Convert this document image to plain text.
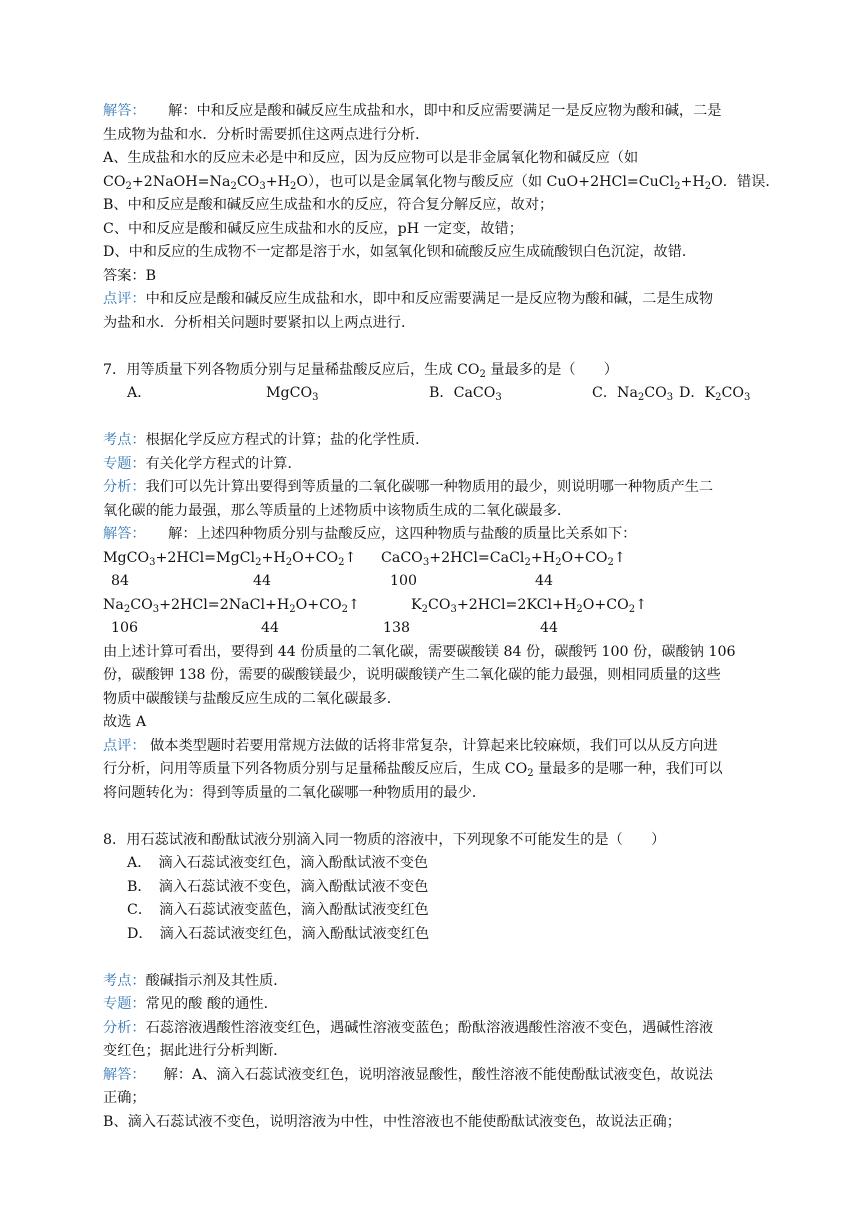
解答： 解：中和反应是酸和碱反应生成盐和水，即中和反应需要满足一是反应物为酸和碱，二是
生成物为盐和水．分析时需要抓住这两点进行分析．
A、生成盐和水的反应未必是中和反应，因为反应物可以是非金属氧化物和碱反应（如
$CO_2+2NaOH=Na_2CO_3+H_2O$），也可以是金属氧化物与酸反应（如 $CuO+2HCl=CuCl_2+H_2O$．错误．
B、中和反应是酸和碱反应生成盐和水的反应，符合复分解反应，故对；
C、中和反应是酸和碱反应生成盐和水的反应，pH 一定变，故错；
D、中和反应的生成物不一定都是溶于水，如氢氧化钡和硫酸反应生成硫酸钡白色沉淀，故错．
答案：B
点评：中和反应是酸和碱反应生成盐和水，即中和反应需要满足一是反应物为酸和碱，二是生成物
为盐和水．分析相关问题时要紧扣以上两点进行．
7．用等质量下列各物质分别与足量稀盐酸反应后，生成 $CO_2$ 量最多的是（　　）
A．	MgCO$_3$	B．CaCO$_3$	C．$Na_2CO_3$ D．$K_2CO_3$
考点：根据化学反应方程式的计算；盐的化学性质．
专题：有关化学方程式的计算．
分析：我们可以先计算出要得到等质量的二氧化碳哪一种物质用的最少，则说明哪一种物质产生二
氧化碳的能力最强，那么等质量的上述物质中该物质生成的二氧化碳最多．
解答： 解：上述四种物质分别与盐酸反应，这四种物质与盐酸的质量比关系如下：
$MgCO_3+2HCl=MgCl_2+H_2O+CO_2↑$ $CaCO_3+2HCl=CaCl_2+H_2O+CO_2↑$
84	44	100	44
$Na_2CO_3+2HCl=2NaCl+H_2O+CO_2↑$	$K_2CO_3+2HCl=2KCl+H_2O+CO_2↑$
106	44	138	44
由上述计算可看出，要得到 44 份质量的二氧化碳，需要碳酸镁 84 份，碳酸钙 100 份，碳酸钠 106
份，碳酸钾 138 份，需要的碳酸镁最少，说明碳酸镁产生二氧化碳的能力最强，则相同质量的这些
物质中碳酸镁与盐酸反应生成的二氧化碳最多．
故选 A
点评： 做本类型题时若要用常规方法做的话将非常复杂，计算起来比较麻烦，我们可以从反方向进
行分析，问用等质量下列各物质分别与足量稀盐酸反应后，生成 $CO_2$ 量最多的是哪一种，我们可以
将问题转化为：得到等质量的二氧化碳哪一种物质用的最少．
8．用石蕊试液和酚酞试液分别滴入同一物质的溶液中，下列现象不可能发生的是（　　）
A．　滴入石蕊试液变红色，滴入酚酞试液不变色
B．　滴入石蕊试液不变色，滴入酚酞试液不变色
C．　滴入石蕊试液变蓝色，滴入酚酞试液变红色
D．　滴入石蕊试液变红色，滴入酚酞试液变红色
考点：酸碱指示剂及其性质．
专题：常见的酸 酸的通性．
分析：石蕊溶液遇酸性溶液变红色，遇碱性溶液变蓝色；酚酞溶液遇酸性溶液不变色，遇碱性溶液
变红色；据此进行分析判断．
解答： 解：A、滴入石蕊试液变红色，说明溶液显酸性，酸性溶液不能使酚酞试液变色，故说法
正确；
B、滴入石蕊试液不变色，说明溶液为中性，中性溶液也不能使酚酞试液变色，故说法正确；
